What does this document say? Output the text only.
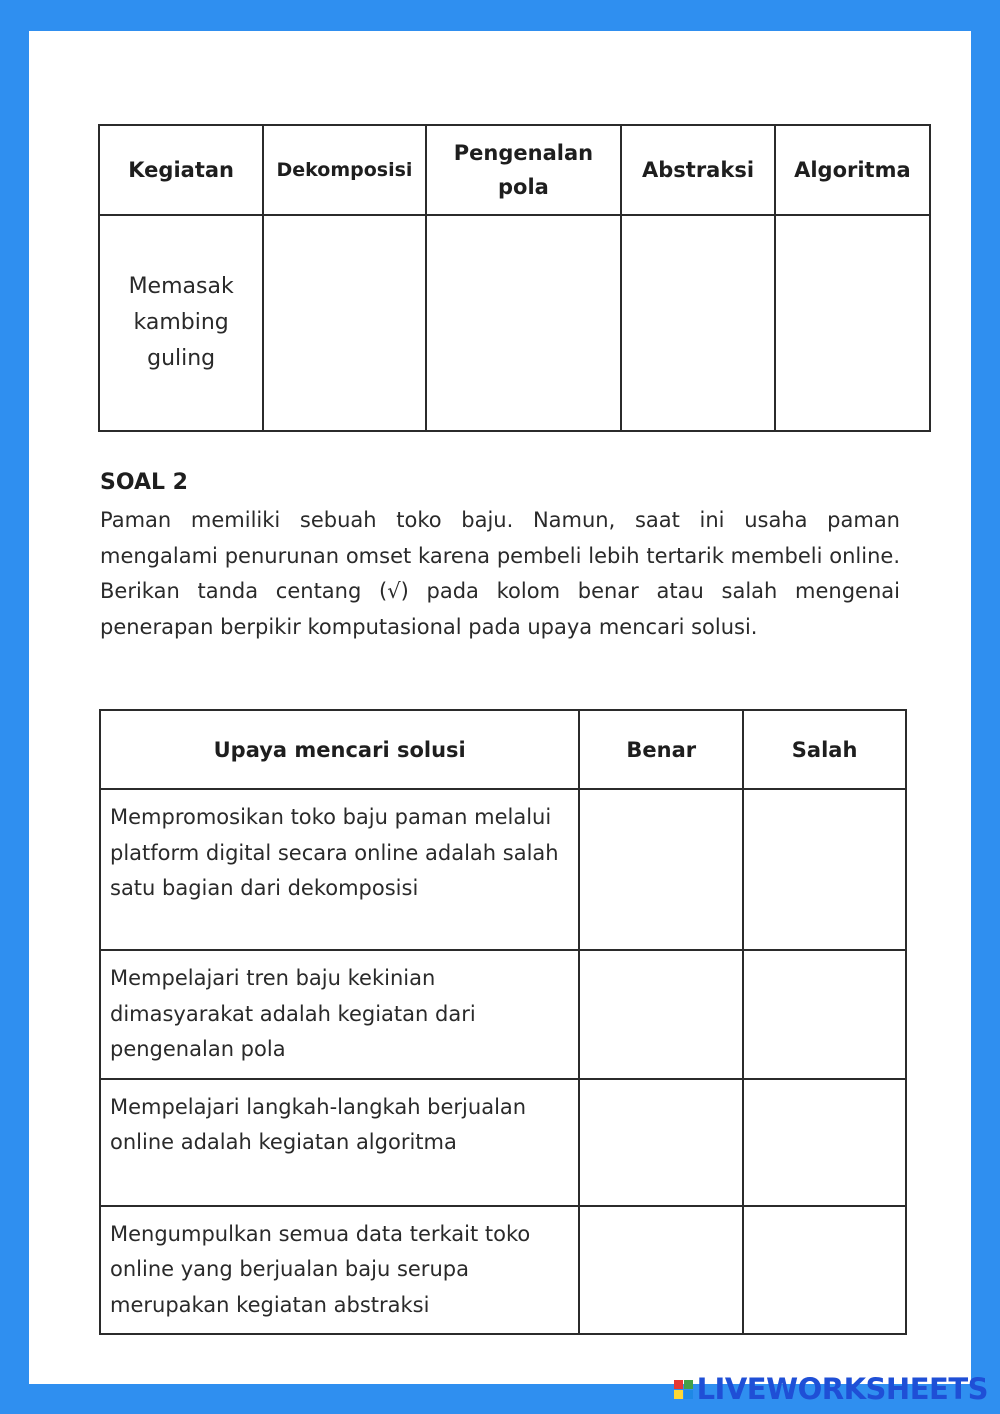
Kegiatan	Dekomposisi	Pengenalan pola	Abstraksi	Algoritma
Memasak kambing guling				
SOAL 2
Paman memiliki sebuah toko baju. Namun, saat ini usaha paman mengalami penurunan omset karena pembeli lebih tertarik membeli online. Berikan tanda centang (√) pada kolom benar atau salah mengenai penerapan berpikir komputasional pada upaya mencari solusi.
Upaya mencari solusi	Benar	Salah
Mempromosikan toko baju paman melalui platform digital secara online adalah salah satu bagian dari dekomposisi		
Mempelajari tren baju kekinian dimasyarakat adalah kegiatan dari pengenalan pola		
Mempelajari langkah-langkah berjualan online adalah kegiatan algoritma		
Mengumpulkan semua data terkait toko online yang berjualan baju serupa merupakan kegiatan abstraksi		
LIVEWORKSHEETS
